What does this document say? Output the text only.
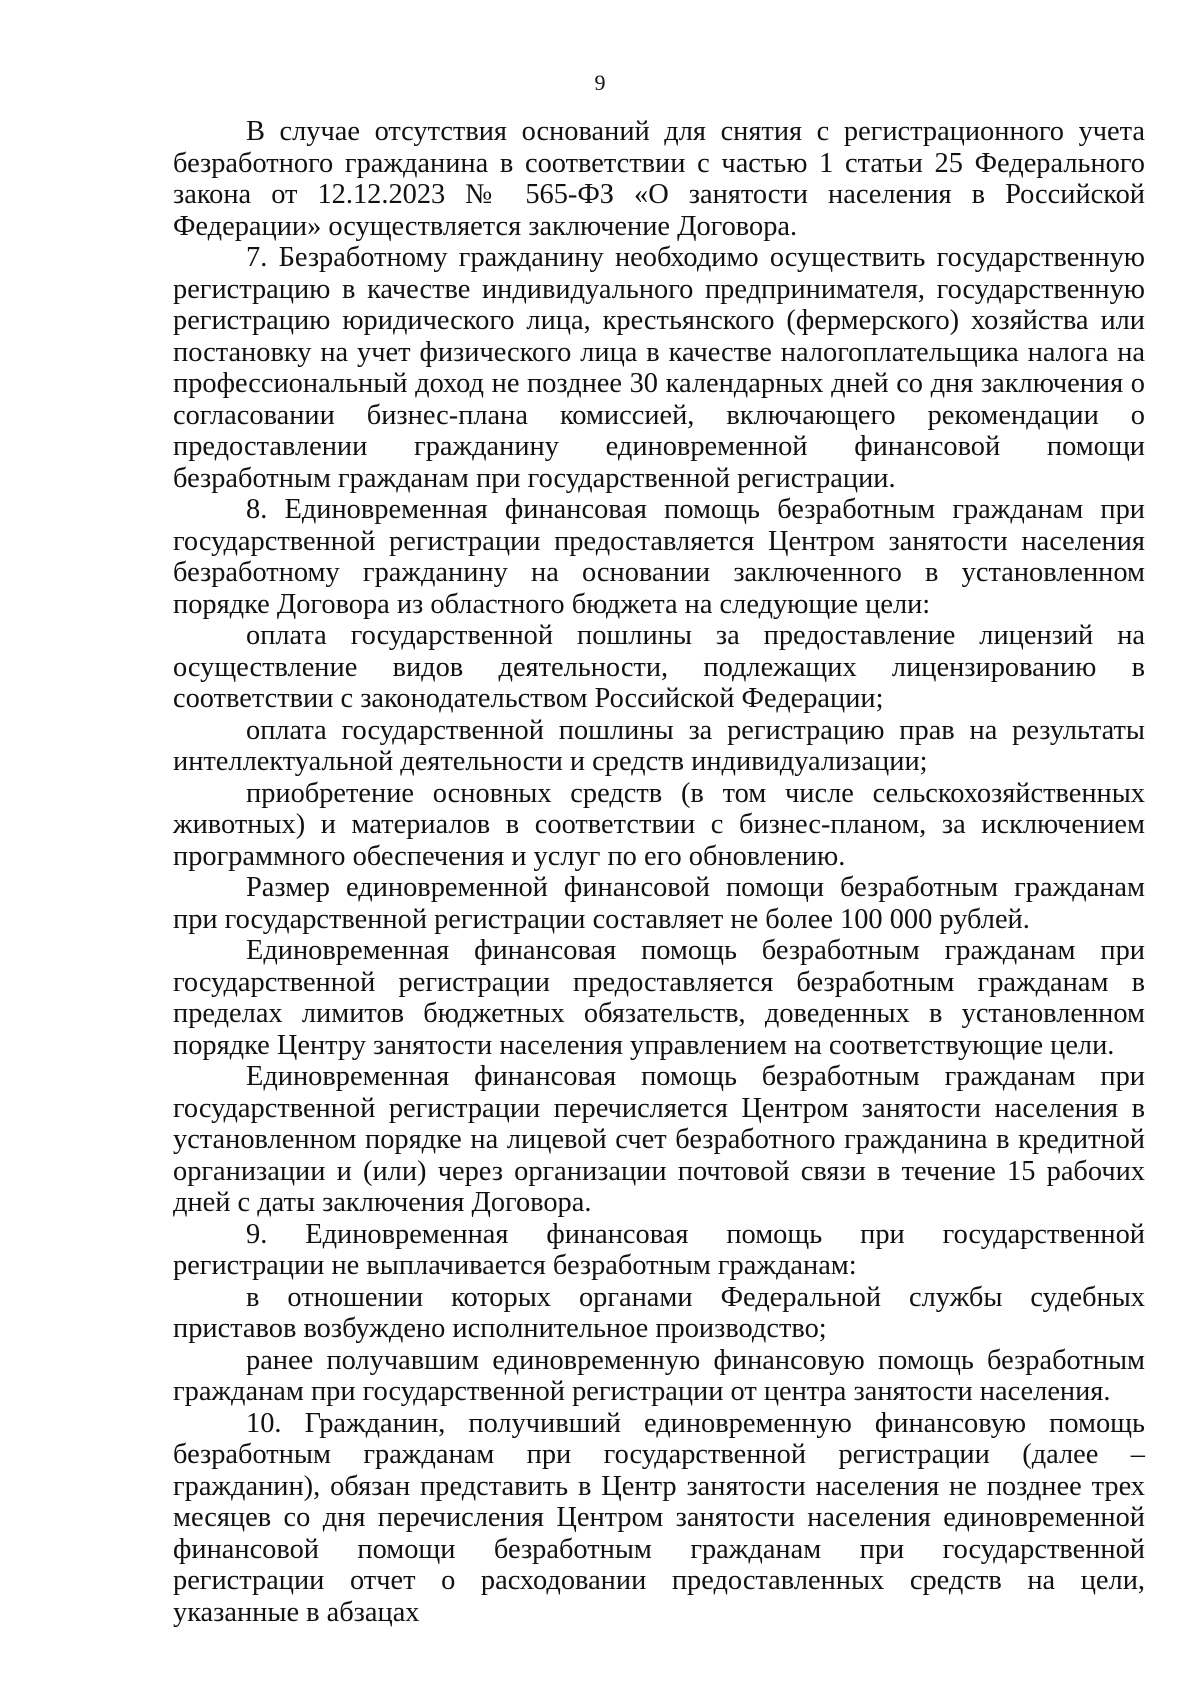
9

В случае отсутствия оснований для снятия с регистрационного учета безработного гражданина в соответствии с частью 1 статьи 25 Федерального закона от 12.12.2023 № 565-ФЗ «О занятости населения в Российской Федерации» осуществляется заключение Договора.

7. Безработному гражданину необходимо осуществить государственную регистрацию в качестве индивидуального предпринимателя, государственную регистрацию юридического лица, крестьянского (фермерского) хозяйства или постановку на учет физического лица в качестве налогоплательщика налога на профессиональный доход не позднее 30 календарных дней со дня заключения о согласовании бизнес-плана комиссией, включающего рекомендации о предоставлении гражданину единовременной финансовой помощи безработным гражданам при государственной регистрации.

8. Единовременная финансовая помощь безработным гражданам при государственной регистрации предоставляется Центром занятости населения безработному гражданину на основании заключенного в установленном порядке Договора из областного бюджета на следующие цели:

оплата государственной пошлины за предоставление лицензий на осуществление видов деятельности, подлежащих лицензированию в соответствии с законодательством Российской Федерации;

оплата государственной пошлины за регистрацию прав на результаты интеллектуальной деятельности и средств индивидуализации;

приобретение основных средств (в том числе сельскохозяйственных животных) и материалов в соответствии с бизнес-планом, за исключением программного обеспечения и услуг по его обновлению.

Размер единовременной финансовой помощи безработным гражданам при государственной регистрации составляет не более 100 000 рублей.

Единовременная финансовая помощь безработным гражданам при государственной регистрации предоставляется безработным гражданам в пределах лимитов бюджетных обязательств, доведенных в установленном порядке Центру занятости населения управлением на соответствующие цели.

Единовременная финансовая помощь безработным гражданам при государственной регистрации перечисляется Центром занятости населения в установленном порядке на лицевой счет безработного гражданина в кредитной организации и (или) через организации почтовой связи в течение 15 рабочих дней с даты заключения Договора.

9. Единовременная финансовая помощь при государственной регистрации не выплачивается безработным гражданам:

в отношении которых органами Федеральной службы судебных приставов возбуждено исполнительное производство;

ранее получавшим единовременную финансовую помощь безработным гражданам при государственной регистрации от центра занятости населения.

10. Гражданин, получивший единовременную финансовую помощь безработным гражданам при государственной регистрации (далее – гражданин), обязан представить в Центр занятости населения не позднее трех месяцев со дня перечисления Центром занятости населения единовременной финансовой помощи безработным гражданам при государственной регистрации отчет о расходовании предоставленных средств на цели, указанные в абзацах
